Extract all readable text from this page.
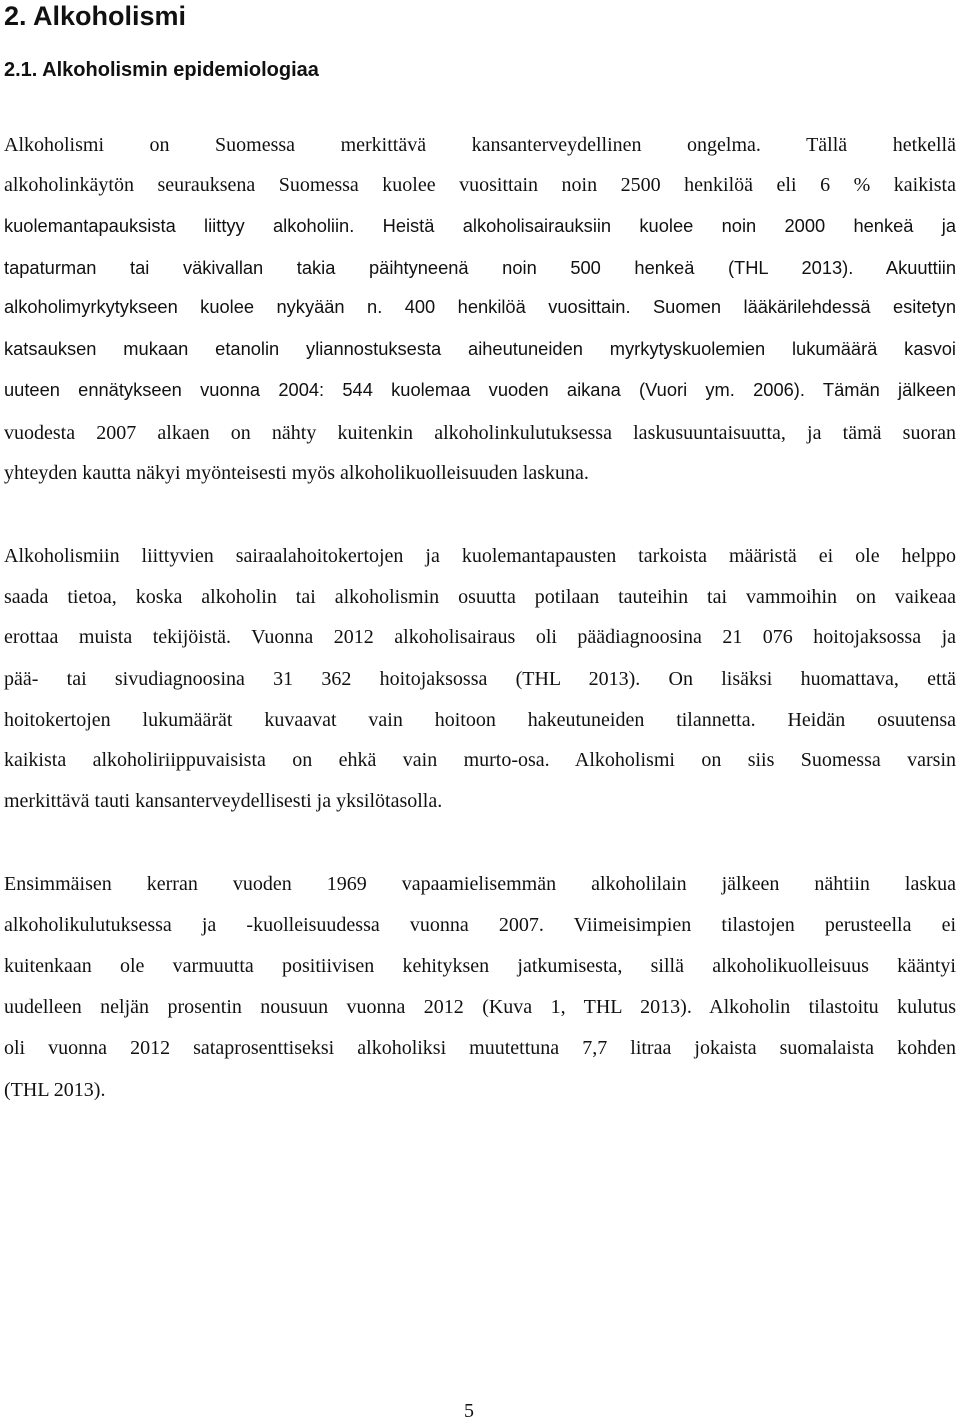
2. Alkoholismi
2.1. Alkoholismin epidemiologiaa
Alkoholismi on Suomessa merkittävä kansanterveydellinen ongelma. Tällä hetkellä
alkoholinkäytön seurauksena Suomessa kuolee vuosittain noin 2500 henkilöä eli 6 % kaikista
kuolemantapauksista liittyy alkoholiin. Heistä alkoholisairauksiin kuolee noin 2000 henkeä ja
tapaturman tai väkivallan takia päihtyneenä noin 500 henkeä (THL 2013). Akuuttiin
alkoholimyrkytykseen kuolee nykyään n. 400 henkilöä vuosittain. Suomen lääkärilehdessä esitetyn
katsauksen mukaan etanolin yliannostuksesta aiheutuneiden myrkytyskuolemien lukumäärä kasvoi
uuteen ennätykseen vuonna 2004: 544 kuolemaa vuoden aikana (Vuori ym. 2006). Tämän jälkeen
vuodesta 2007 alkaen on nähty kuitenkin alkoholinkulutuksessa laskusuuntaisuutta, ja tämä suoran
yhteyden kautta näkyi myönteisesti myös alkoholikuolleisuuden laskuna.
Alkoholismiin liittyvien sairaalahoitokertojen ja kuolemantapausten tarkoista määristä ei ole helppo
saada tietoa, koska alkoholin tai alkoholismin osuutta potilaan tauteihin tai vammoihin on vaikeaa
erottaa muista tekijöistä. Vuonna 2012 alkoholisairaus oli päädiagnoosina 21 076 hoitojaksossa ja
pää- tai sivudiagnoosina 31 362 hoitojaksossa (THL 2013). On lisäksi huomattava, että
hoitokertojen lukumäärät kuvaavat vain hoitoon hakeutuneiden tilannetta. Heidän osuutensa
kaikista alkoholiriippuvaisista on ehkä vain murto-osa. Alkoholismi on siis Suomessa varsin
merkittävä tauti kansanterveydellisesti ja yksilötasolla.
Ensimmäisen kerran vuoden 1969 vapaamielisemmän alkoholilain jälkeen nähtiin laskua
alkoholikulutuksessa ja -kuolleisuudessa vuonna 2007. Viimeisimpien tilastojen perusteella ei
kuitenkaan ole varmuutta positiivisen kehityksen jatkumisesta, sillä alkoholikuolleisuus kääntyi
uudelleen neljän prosentin nousuun vuonna 2012 (Kuva 1, THL 2013). Alkoholin tilastoitu kulutus
oli vuonna 2012 sataprosenttiseksi alkoholiksi muutettuna 7,7 litraa jokaista suomalaista kohden
(THL 2013).
5
